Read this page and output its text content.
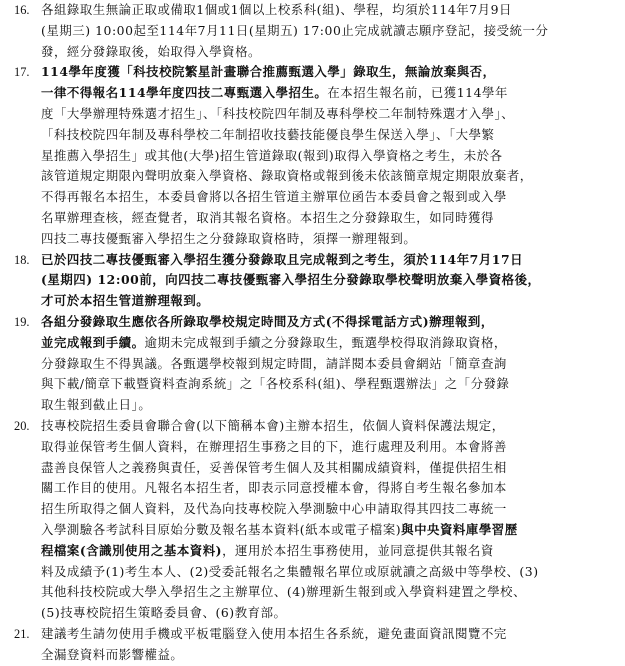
16. 各組錄取生無論正取或備取1個或1個以上校系科(組)、學程，均須於114年7月9日
(星期三) 10:00起至114年7月11日(星期五) 17:00止完成就讀志願序登記，接受統一分
發，經分發錄取後，始取得入學資格。
17. 114學年度獲「科技校院繁星計畫聯合推薦甄選入學」錄取生，無論放棄與否，
一律不得報名114學年度四技二專甄選入學招生。在本招生報名前，已獲114學年
度「大學辦理特殊選才招生」、「科技校院四年制及專科學校二年制特殊選才入學」、
「科技校院四年制及專科學校二年制招收技藝技能優良學生保送入學」、「大學繁
星推薦入學招生」或其他(大學)招生管道錄取(報到)取得入學資格之考生，未於各
該管道規定期限內聲明放棄入學資格、錄取資格或報到後未依該簡章規定期限放棄者，
不得再報名本招生，本委員會將以各招生管道主辦單位函告本委員會之報到或入學
名單辦理查核，經查覺者，取消其報名資格。本招生之分發錄取生，如同時獲得
四技二專技優甄審入學招生之分發錄取資格時，須擇一辦理報到。
18. 已於四技二專技優甄審入學招生獲分發錄取且完成報到之考生，須於114年7月17日
(星期四) 12:00前，向四技二專技優甄審入學招生分發錄取學校聲明放棄入學資格後，
才可於本招生管道辦理報到。
19. 各組分發錄取生應依各所錄取學校規定時間及方式(不得採電話方式)辦理報到，
並完成報到手續。逾期未完成報到手續之分發錄取生，甄選學校得取消錄取資格，
分發錄取生不得異議。各甄選學校報到規定時間，請詳閱本委員會網站「簡章查詢
與下載/簡章下載暨資料查詢系統」之「各校系科(組)、學程甄選辦法」之「分發錄
取生報到截止日」。
20. 技專校院招生委員會聯合會(以下簡稱本會)主辦本招生，依個人資料保護法規定，
取得並保管考生個人資料，在辦理招生事務之目的下，進行處理及利用。本會將善
盡善良保管人之義務與責任，妥善保管考生個人及其相關成績資料，僅提供招生相
關工作目的使用。凡報名本招生者，即表示同意授權本會，得將自考生報名參加本
招生所取得之個人資料，及代為向技專校院入學測驗中心申請取得其四技二專統一
入學測驗各考試科目原始分數及報名基本資料(紙本或電子檔案)與中央資料庫學習歷
程檔案(含識別使用之基本資料)，運用於本招生事務使用，並同意提供其報名資
料及成績予(1)考生本人、(2)受委託報名之集體報名單位或原就讀之高級中等學校、(3)
其他科技校院或大學入學招生之主辦單位、(4)辦理新生報到或入學資料建置之學校、
(5)技專校院招生策略委員會、(6)教育部。
21. 建議考生請勿使用手機或平板電腦登入使用本招生各系統，避免畫面資訊閱覽不完
全漏登資料而影響權益。
